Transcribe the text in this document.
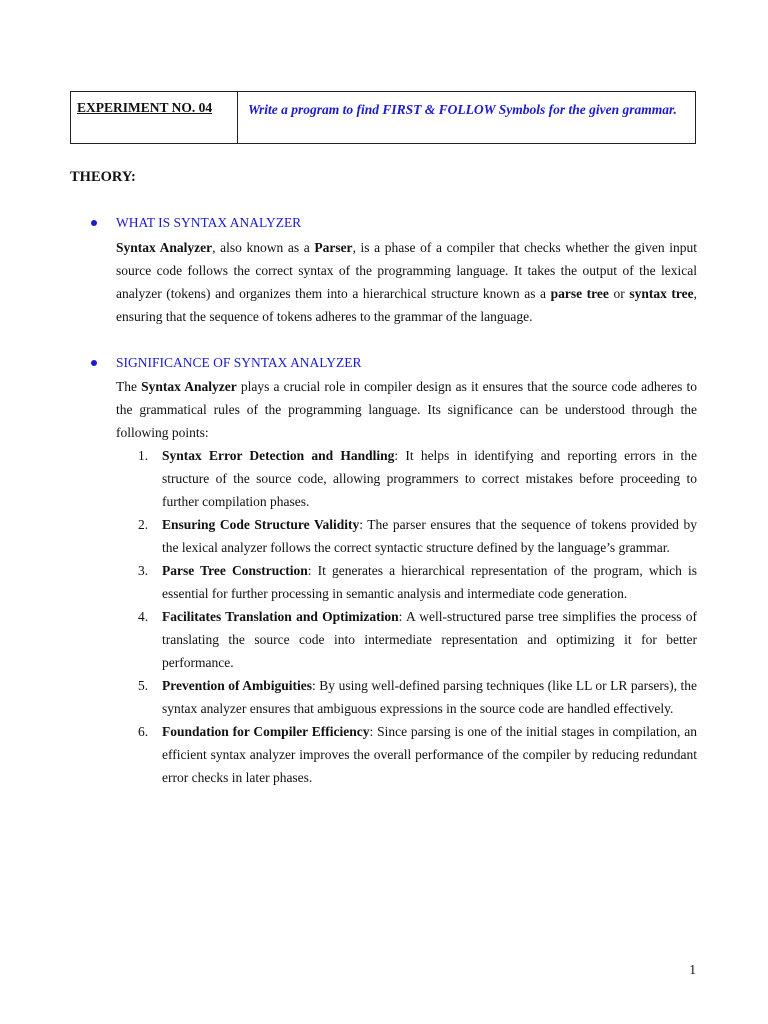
EXPERIMENT NO. 04	Write a program to find FIRST & FOLLOW Symbols for the given grammar.
THEORY:
WHAT IS SYNTAX ANALYZER
Syntax Analyzer, also known as a Parser, is a phase of a compiler that checks whether the given input source code follows the correct syntax of the programming language. It takes the output of the lexical analyzer (tokens) and organizes them into a hierarchical structure known as a parse tree or syntax tree, ensuring that the sequence of tokens adheres to the grammar of the language.
SIGNIFICANCE OF SYNTAX ANALYZER
The Syntax Analyzer plays a crucial role in compiler design as it ensures that the source code adheres to the grammatical rules of the programming language. Its significance can be understood through the following points:
1. Syntax Error Detection and Handling: It helps in identifying and reporting errors in the structure of the source code, allowing programmers to correct mistakes before proceeding to further compilation phases.
2. Ensuring Code Structure Validity: The parser ensures that the sequence of tokens provided by the lexical analyzer follows the correct syntactic structure defined by the language’s grammar.
3. Parse Tree Construction: It generates a hierarchical representation of the program, which is essential for further processing in semantic analysis and intermediate code generation.
4. Facilitates Translation and Optimization: A well-structured parse tree simplifies the process of translating the source code into intermediate representation and optimizing it for better performance.
5. Prevention of Ambiguities: By using well-defined parsing techniques (like LL or LR parsers), the syntax analyzer ensures that ambiguous expressions in the source code are handled effectively.
6. Foundation for Compiler Efficiency: Since parsing is one of the initial stages in compilation, an efficient syntax analyzer improves the overall performance of the compiler by reducing redundant error checks in later phases.
1
